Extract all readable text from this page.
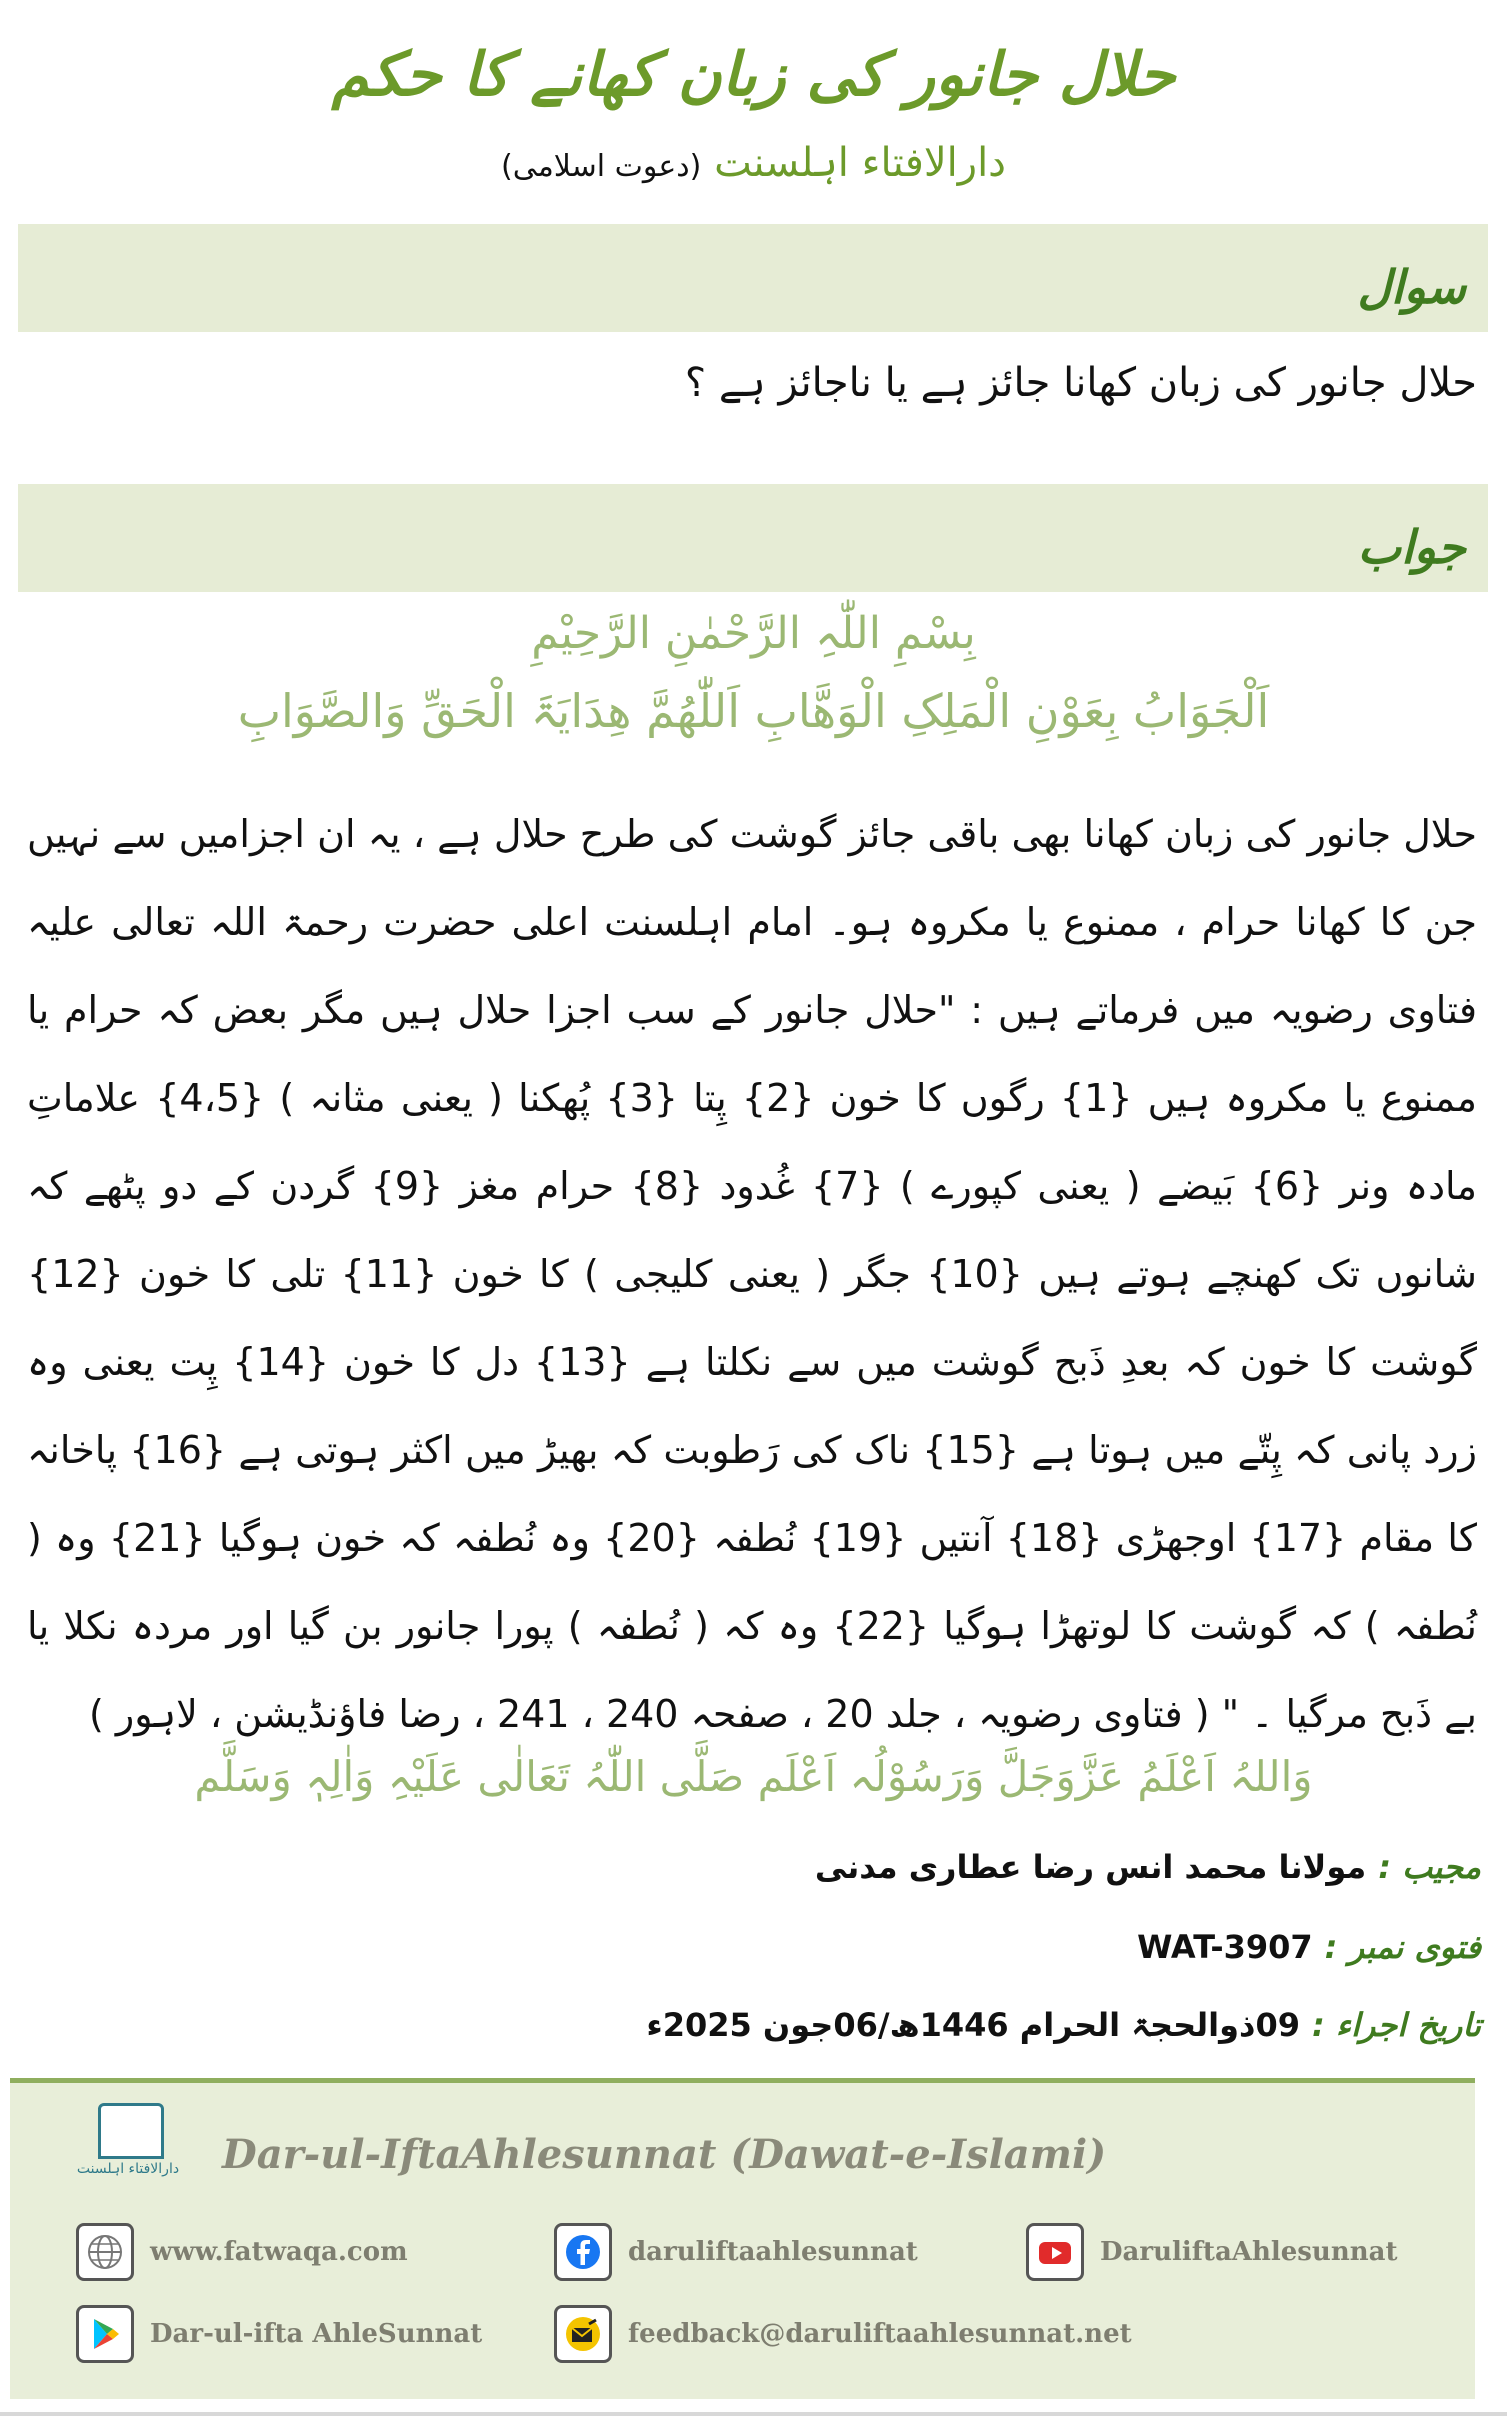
حلال جانور کی زبان کھانے کا حکم
دارالافتاء اہلسنت (دعوت اسلامی)
سوال
حلال جانور کی زبان کھانا جائز ہے یا ناجائز ہے ؟
جواب
بِسْمِ اللّٰہِ الرَّحْمٰنِ الرَّحِیْمِ
اَلْجَوَابُ بِعَوْنِ الْمَلِکِ الْوَھَّابِ اَللّٰھُمَّ ھِدَایَۃَ الْحَقِّ وَالصَّوَابِ
حلال جانور کی زبان کھانا بھی باقی جائز گوشت کی طرح حلال ہے ، یہ ان اجزامیں سے نہیں جن کا کھانا حرام ، ممنوع یا مکروہ ہو۔ امام اہلسنت اعلی حضرت رحمۃ اللہ تعالی علیہ فتاوی رضویہ میں فرماتے ہیں : "حلال جانور کے سب اجزا حلال ہیں مگر بعض کہ حرام یا ممنوع یا مکروہ ہیں {1} رگوں کا خون {2} پِتا {3} پُھکنا ( یعنی مثانہ ) {4،5} علاماتِ مادہ ونر {6} بَیضے ( یعنی کپورے ) {7} غُدود {8} حرام مغز {9} گردن کے دو پٹھے کہ شانوں تک کھنچے ہوتے ہیں {10} جگر ( یعنی کلیجی ) کا خون {11} تلی کا خون {12} گوشت کا خون کہ بعدِ ذَبح گوشت میں سے نکلتا ہے {13} دل کا خون {14} پِت یعنی وہ زرد پانی کہ پِتّے میں ہوتا ہے {15} ناک کی رَطوبت کہ بھیڑ میں اکثر ہوتی ہے {16} پاخانہ کا مقام {17} اوجھڑی {18} آنتیں {19} نُطفہ {20} وہ نُطفہ کہ خون ہوگیا {21} وہ ( نُطفہ ) کہ گوشت کا لوتھڑا ہوگیا {22} وہ کہ ( نُطفہ ) پورا جانور بن گیا اور مردہ نکلا یا بے ذَبح مرگیا ۔ " ( فتاوی رضویہ ، جلد 20 ، صفحہ 240 ، 241 ، رضا فاؤنڈیشن ، لاہور )
وَاللہُ اَعْلَمُ عَزَّوَجَلَّ وَرَسُوْلُہ اَعْلَم صَلَّی اللّٰہُ تَعَالٰی عَلَیْہِ وَاٰلِہٖ وَسَلَّم
مجیب :
مولانا محمد انس رضا عطاری مدنی
فتوی نمبر :
WAT-3907
تاریخ اجراء :
09ذوالحجۃ الحرام 1446ھ/06جون 2025ء
دارالافتاء اہلسنت Dar-ul-IftaAhlesunnat (Dawat-e-Islami)
www.fatwaqa.com	daruliftaahlesunnat	DaruliftaAhlesunnat
Dar-ul-ifta AhleSunnat	feedback@daruliftaahlesunnat.net
